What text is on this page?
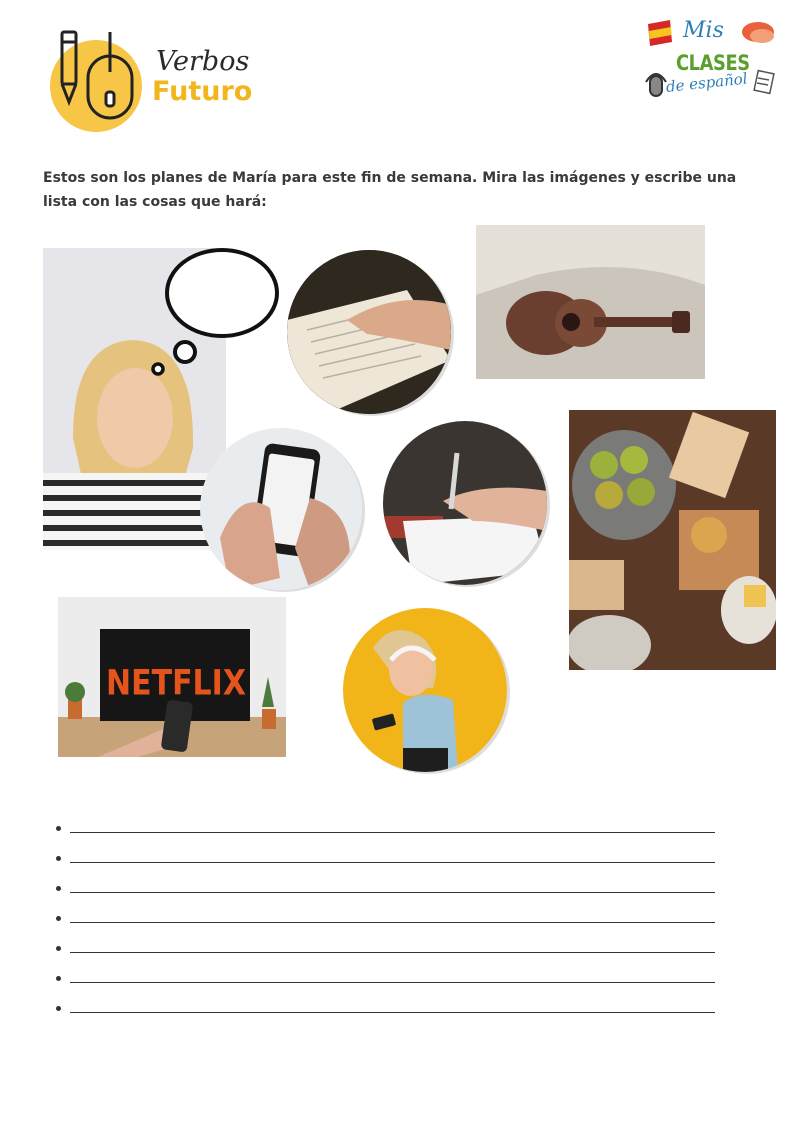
Verbos
Futuro
Mis
CLASES
de español
Estos son los planes de María para este fin de semana. Mira las imágenes y escribe una lista con las cosas que hará:
NETFLIX
